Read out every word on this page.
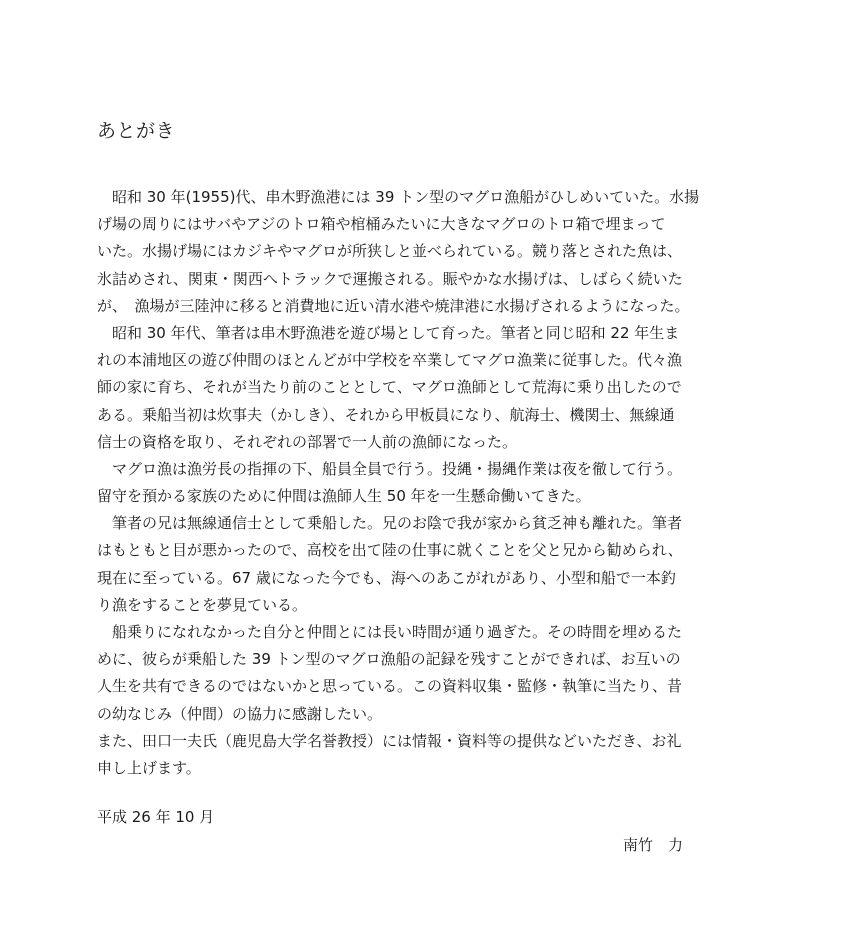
あとがき
　昭和 30 年(1955)代、串木野漁港には 39 トン型のマグロ漁船がひしめいていた。水揚
げ場の周りにはサバやアジのトロ箱や棺桶みたいに大きなマグロのトロ箱で埋まって
いた。水揚げ場にはカジキやマグロが所狭しと並べられている。競り落とされた魚は、
氷詰めされ、関東・関西へトラックで運搬される。賑やかな水揚げは、しばらく続いた
が、　漁場が三陸沖に移ると消費地に近い清水港や焼津港に水揚げされるようになった。
　昭和 30 年代、筆者は串木野漁港を遊び場として育った。筆者と同じ昭和 22 年生ま
れの本浦地区の遊び仲間のほとんどが中学校を卒業してマグロ漁業に従事した。代々漁
師の家に育ち、それが当たり前のこととして、マグロ漁師として荒海に乗り出したので
ある。乗船当初は炊事夫（かしき）、それから甲板員になり、航海士、機関士、無線通
信士の資格を取り、それぞれの部署で一人前の漁師になった。
　マグロ漁は漁労長の指揮の下、船員全員で行う。投縄・揚縄作業は夜を徹して行う。
留守を預かる家族のために仲間は漁師人生 50 年を一生懸命働いてきた。
　筆者の兄は無線通信士として乗船した。兄のお陰で我が家から貧乏神も離れた。筆者
はもともと目が悪かったので、高校を出て陸の仕事に就くことを父と兄から勧められ、
現在に至っている。67 歳になった今でも、海へのあこがれがあり、小型和船で一本釣
り漁をすることを夢見ている。
　船乗りになれなかった自分と仲間とには長い時間が通り過ぎた。その時間を埋めるた
めに、彼らが乗船した 39 トン型のマグロ漁船の記録を残すことができれば、お互いの
人生を共有できるのではないかと思っている。この資料収集・監修・執筆に当たり、昔
の幼なじみ（仲間）の協力に感謝したい。
また、田口一夫氏（鹿児島大学名誉教授）には情報・資料等の提供などいただき、お礼
申し上げます。
平成 26 年 10 月
南竹　力
